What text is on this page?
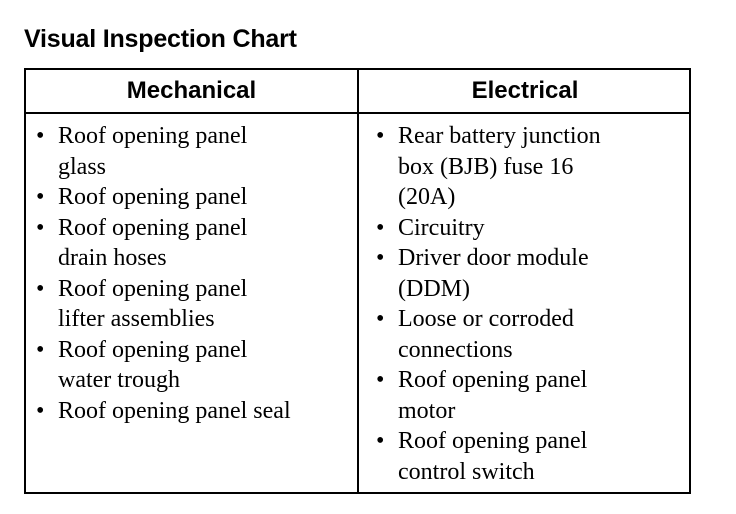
Visual Inspection Chart
Mechanical	Electrical
• Roof opening panel
glass
• Roof opening panel
• Roof opening panel
drain hoses
• Roof opening panel
lifter assemblies
• Roof opening panel
water trough
• Roof opening panel seal
• Rear battery junction
box (BJB) fuse 16
(20A)
• Circuitry
• Driver door module
(DDM)
• Loose or corroded
connections
• Roof opening panel
motor
• Roof opening panel
control switch
